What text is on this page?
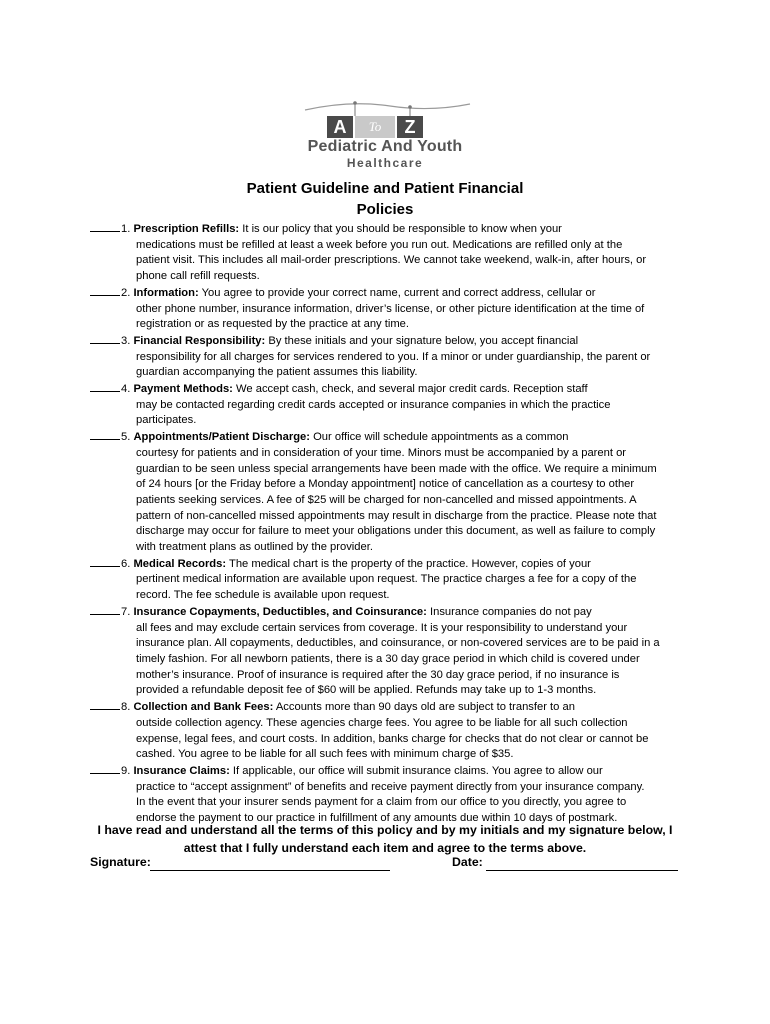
A	To	Z
Pediatric And Youth
Healthcare
Patient Guideline and Patient Financial
Policies

1. Prescription Refills: It is our policy that you should be responsible to know when your

medications must be refilled at least a week before you run out. Medications are refilled only at the

patient visit. This includes all mail-order prescriptions. We cannot take weekend, walk-in, after hours, or

phone call refill requests.

2. Information: You agree to provide your correct name, current and correct address, cellular or

other phone number, insurance information, driver’s license, or other picture identification at the time of

registration or as requested by the practice at any time.

3. Financial Responsibility: By these initials and your signature below, you accept financial

responsibility for all charges for services rendered to you. If a minor or under guardianship, the parent or

guardian accompanying the patient assumes this liability.

4. Payment Methods: We accept cash, check, and several major credit cards. Reception staff

may be contacted regarding credit cards accepted or insurance companies in which the practice

participates.

5. Appointments/Patient Discharge: Our office will schedule appointments as a common

courtesy for patients and in consideration of your time. Minors must be accompanied by a parent or

guardian to be seen unless special arrangements have been made with the office. We require a minimum

of 24 hours [or the Friday before a Monday appointment] notice of cancellation as a courtesy to other

patients seeking services. A fee of $25 will be charged for non-cancelled and missed appointments. A

pattern of non-cancelled missed appointments may result in discharge from the practice. Please note that

discharge may occur for failure to meet your obligations under this document, as well as failure to comply

with treatment plans as outlined by the provider.

6. Medical Records: The medical chart is the property of the practice. However, copies of your

pertinent medical information are available upon request. The practice charges a fee for a copy of the

record. The fee schedule is available upon request.

7. Insurance Copayments, Deductibles, and Coinsurance: Insurance companies do not pay

all fees and may exclude certain services from coverage. It is your responsibility to understand your

insurance plan. All copayments, deductibles, and coinsurance, or non-covered services are to be paid in a

timely fashion. For all newborn patients, there is a 30 day grace period in which child is covered under

mother’s insurance. Proof of insurance is required after the 30 day grace period, if no insurance is

provided a refundable deposit fee of $60 will be applied. Refunds may take up to 1-3 months.

8. Collection and Bank Fees: Accounts more than 90 days old are subject to transfer to an

outside collection agency. These agencies charge fees. You agree to be liable for all such collection

expense, legal fees, and court costs. In addition, banks charge for checks that do not clear or cannot be

cashed. You agree to be liable for all such fees with minimum charge of $35.

9. Insurance Claims: If applicable, our office will submit insurance claims. You agree to allow our

practice to “accept assignment” of benefits and receive payment directly from your insurance company.

In the event that your insurer sends payment for a claim from our office to you directly, you agree to

endorse the payment to our practice in fulfillment of any amounts due within 10 days of postmark.

I have read and understand all the terms of this policy and by my initials and my signature below, I
attest that I fully understand each item and agree to the terms above.
Signature:	Date:
